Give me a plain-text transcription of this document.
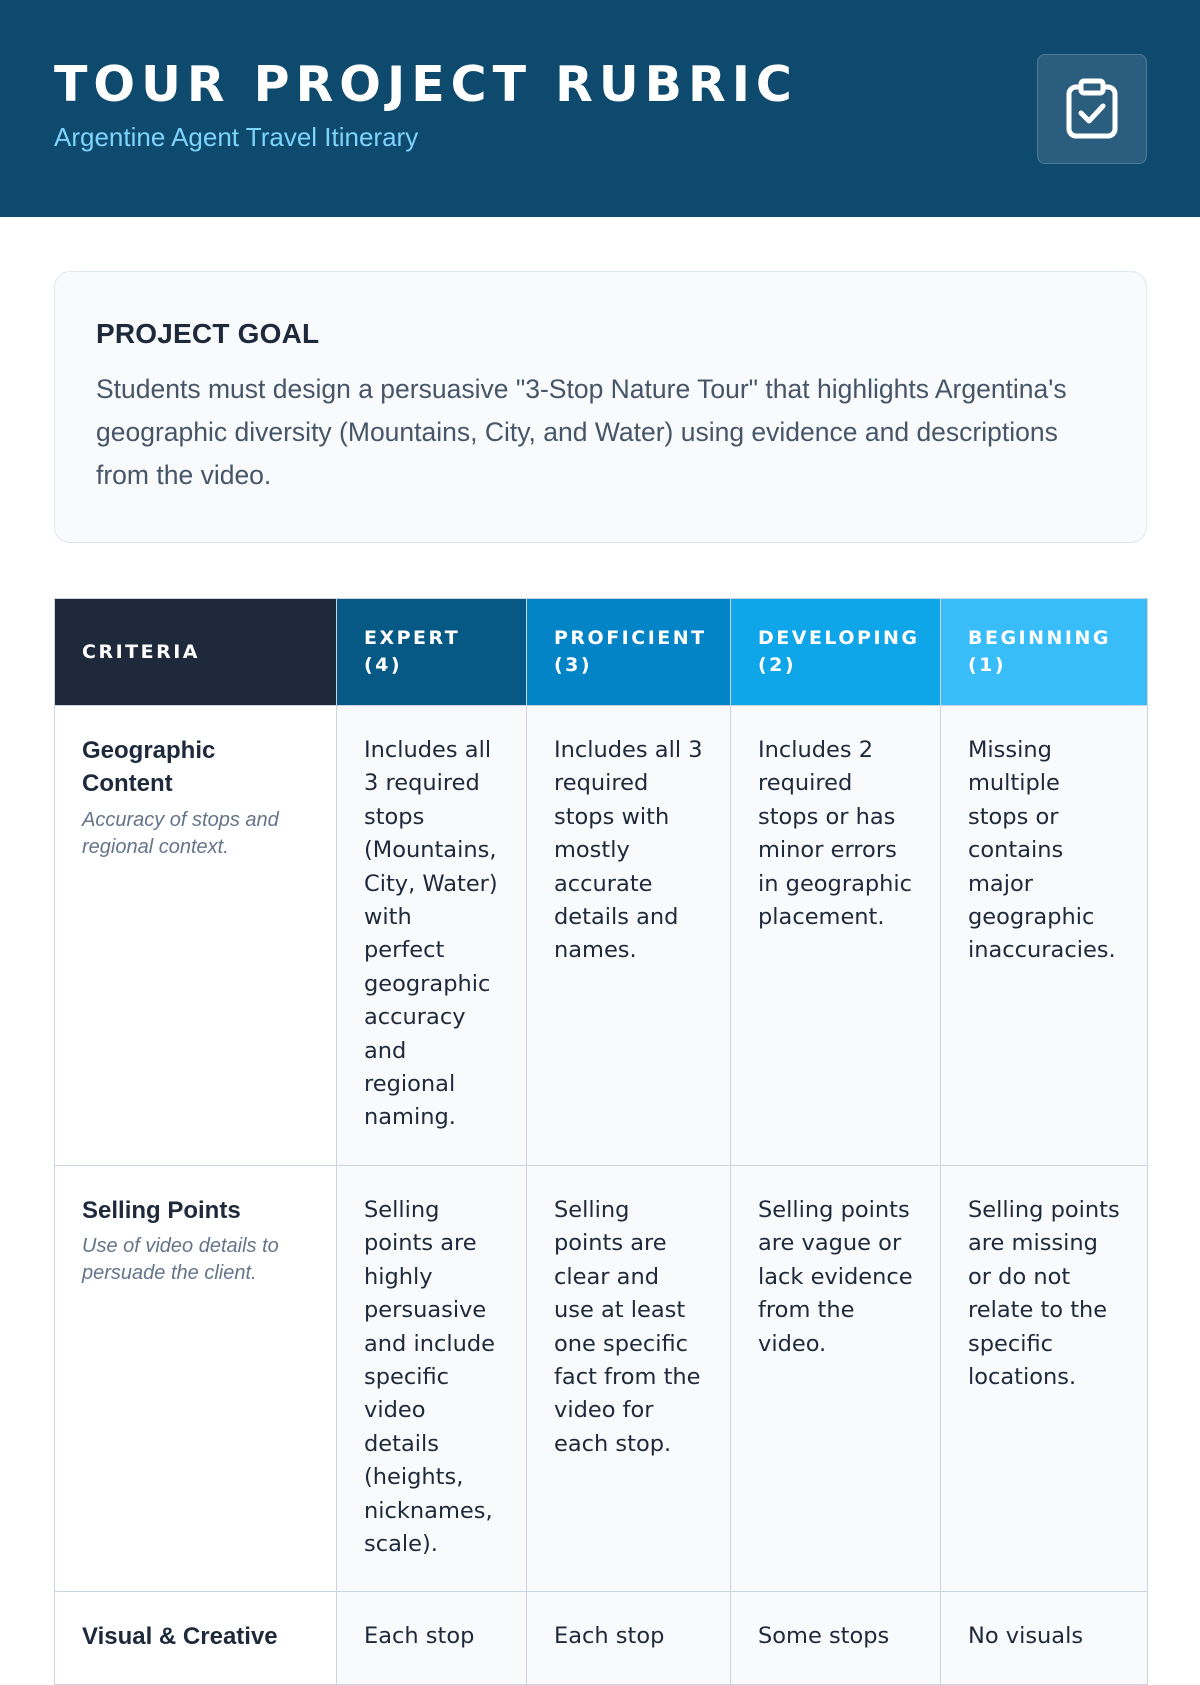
TOUR PROJECT RUBRIC
Argentine Agent Travel Itinerary
PROJECT GOAL

Students must design a persuasive "3-Stop Nature Tour" that highlights Argentina's geographic diversity (Mountains, City, and Water) using evidence and descriptions from the video.

CRITERIA	EXPERT (4)	PROFICIENT (3)	DEVELOPING (2)	BEGINNING (1)

Geographic Content
Accuracy of stops and regional context.	Includes all 3 required stops (Mountains, City, Water) with perfect geographic accuracy and regional naming.	Includes all 3 required stops with mostly accurate details and names.	Includes 2 required stops or has minor errors in geographic placement.	Missing multiple stops or contains major geographic inaccuracies.

Selling Points
Use of video details to persuade the client.	Selling points are highly persuasive and include specific video details (heights, nicknames, scale).	Selling points are clear and use at least one specific fact from the video for each stop.	Selling points are vague or lack evidence from the video.	Selling points are missing or do not relate to the specific locations.

Visual & Creative	Each stop	Each stop	Some stops	No visuals
